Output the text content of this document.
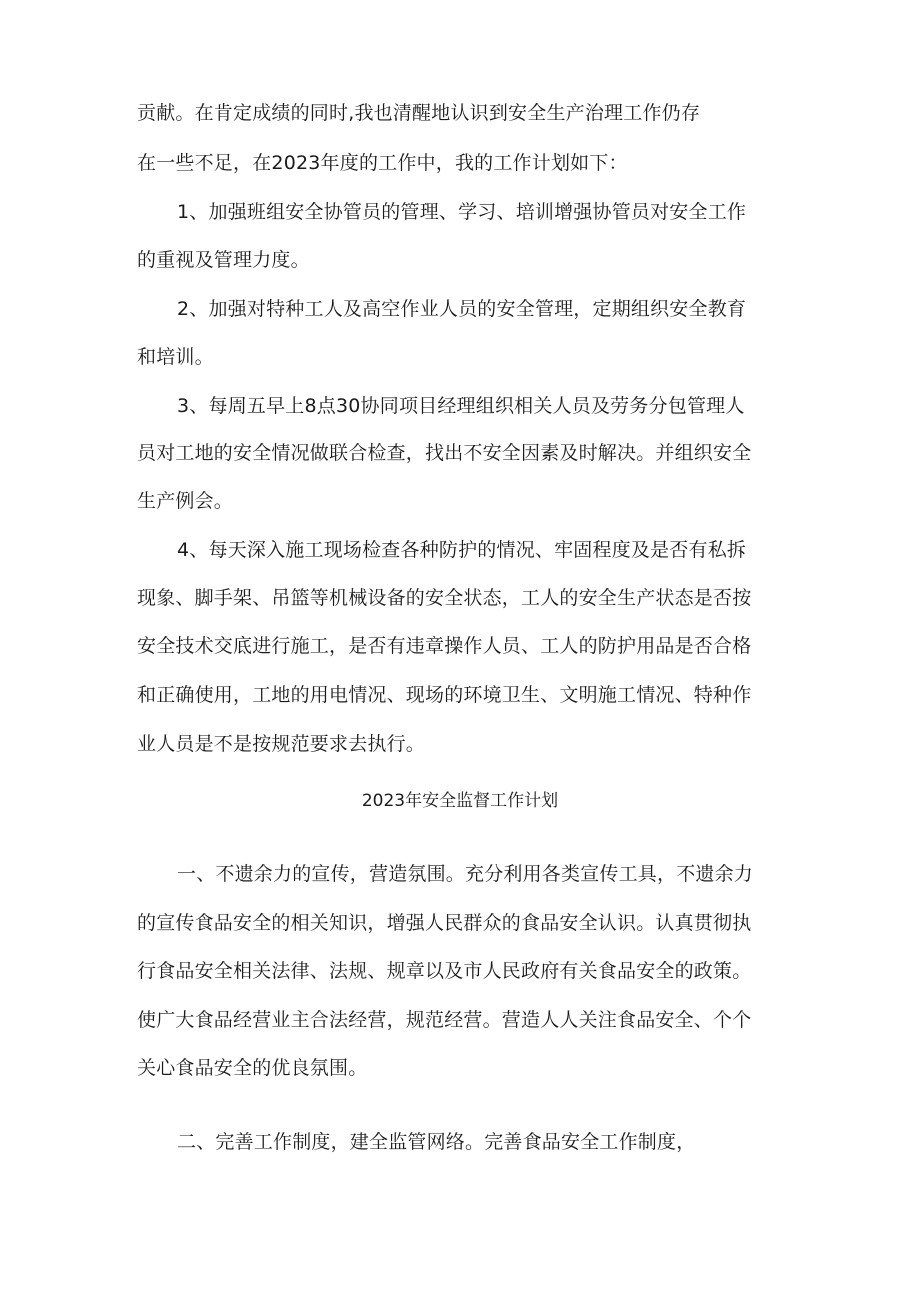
贡献。在肯定成绩的同时,我也清醒地认识到安全生产治理工作仍存
在一些不足，在2023年度的工作中，我的工作计划如下：
1、加强班组安全协管员的管理、学习、培训增强协管员对安全工作
的重视及管理力度。
2、加强对特种工人及高空作业人员的安全管理，定期组织安全教育
和培训。
3、每周五早上8点30协同项目经理组织相关人员及劳务分包管理人
员对工地的安全情况做联合检查，找出不安全因素及时解决。并组织安全
生产例会。
4、每天深入施工现场检查各种防护的情况、牢固程度及是否有私拆
现象、脚手架、吊篮等机械设备的安全状态，工人的安全生产状态是否按
安全技术交底进行施工，是否有违章操作人员、工人的防护用品是否合格
和正确使用，工地的用电情况、现场的环境卫生、文明施工情况、特种作
业人员是不是按规范要求去执行。
2023年安全监督工作计划
一、不遗余力的宣传，营造氛围。充分利用各类宣传工具，不遗余力
的宣传食品安全的相关知识，增强人民群众的食品安全认识。认真贯彻执
行食品安全相关法律、法规、规章以及市人民政府有关食品安全的政策。
使广大食品经营业主合法经营，规范经营。营造人人关注食品安全、个个
关心食品安全的优良氛围。
二、完善工作制度，建全监管网络。完善食品安全工作制度，
